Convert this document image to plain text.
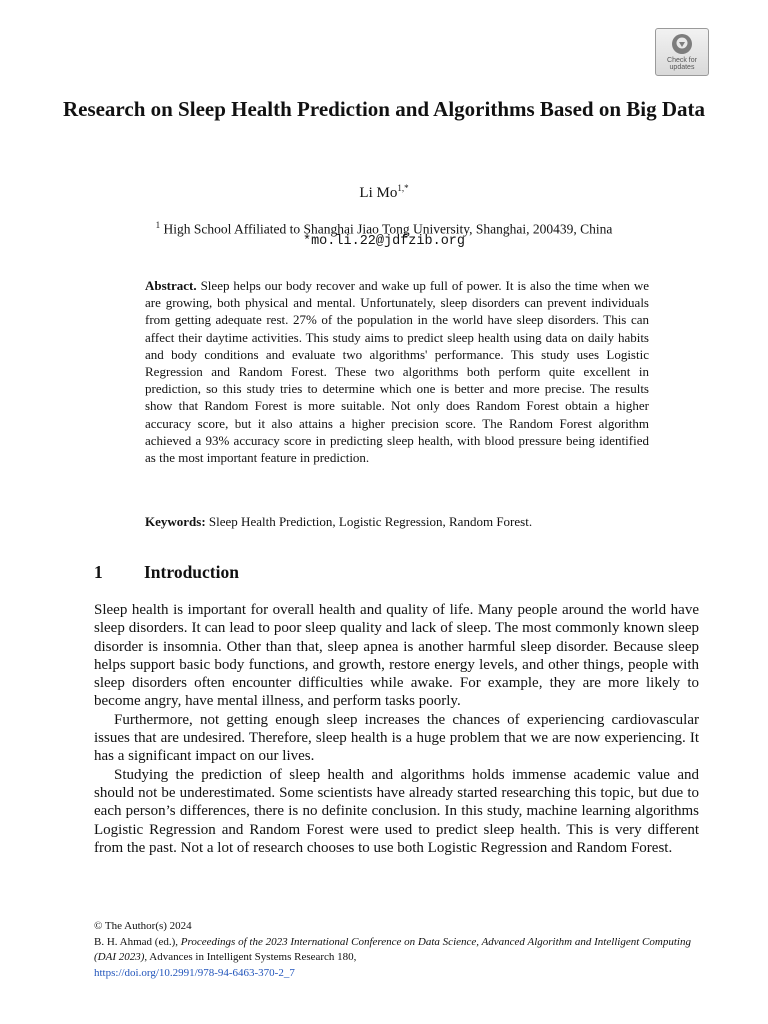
Check for updates
Research on Sleep Health Prediction and Algorithms Based on Big Data
Li $Mo^{1,*}$
$^1$ High School Affiliated to Shanghai Jiao Tong University, Shanghai, 200439, China
*mo.li.22@jdfzib.org
Abstract. Sleep helps our body recover and wake up full of power. It is also the time when we are growing, both physical and mental. Unfortunately, sleep disorders can prevent individuals from getting adequate rest. 27% of the population in the world have sleep disorders. This can affect their daytime activities. This study aims to predict sleep health using data on daily habits and body conditions and evaluate two algorithms' performance. This study uses Logistic Regression and Random Forest. These two algorithms both perform quite excellent in prediction, so this study tries to determine which one is better and more precise. The results show that Random Forest is more suitable. Not only does Random Forest obtain a higher accuracy score, but it also attains a higher precision score. The Random Forest algorithm achieved a 93% accuracy score in predicting sleep health, with blood pressure being identified as the most important feature in prediction.
Keywords: Sleep Health Prediction, Logistic Regression, Random Forest.
1 Introduction

Sleep health is important for overall health and quality of life. Many people around the world have sleep disorders. It can lead to poor sleep quality and lack of sleep. The most commonly known sleep disorder is insomnia. Other than that, sleep apnea is another harmful sleep disorder. Because sleep helps support basic body functions, and growth, restore energy levels, and other things, people with sleep disorders often encounter difficulties while awake. For example, they are more likely to become angry, have mental illness, and perform tasks poorly.

Furthermore, not getting enough sleep increases the chances of experiencing cardiovascular issues that are undesired. Therefore, sleep health is a huge problem that we are now experiencing. It has a significant impact on our lives.

Studying the prediction of sleep health and algorithms holds immense academic value and should not be underestimated. Some scientists have already started researching this topic, but due to each person’s differences, there is no definite conclusion. In this study, machine learning algorithms Logistic Regression and Random Forest were used to predict sleep health. This is very different from the past. Not a lot of research chooses to use both Logistic Regression and Random Forest.

© The Author(s) 2024
B. H. Ahmad (ed.), Proceedings of the 2023 International Conference on Data Science, Advanced Algorithm and Intelligent Computing (DAI 2023), Advances in Intelligent Systems Research 180,
https://doi.org/10.2991/978-94-6463-370-2_7
